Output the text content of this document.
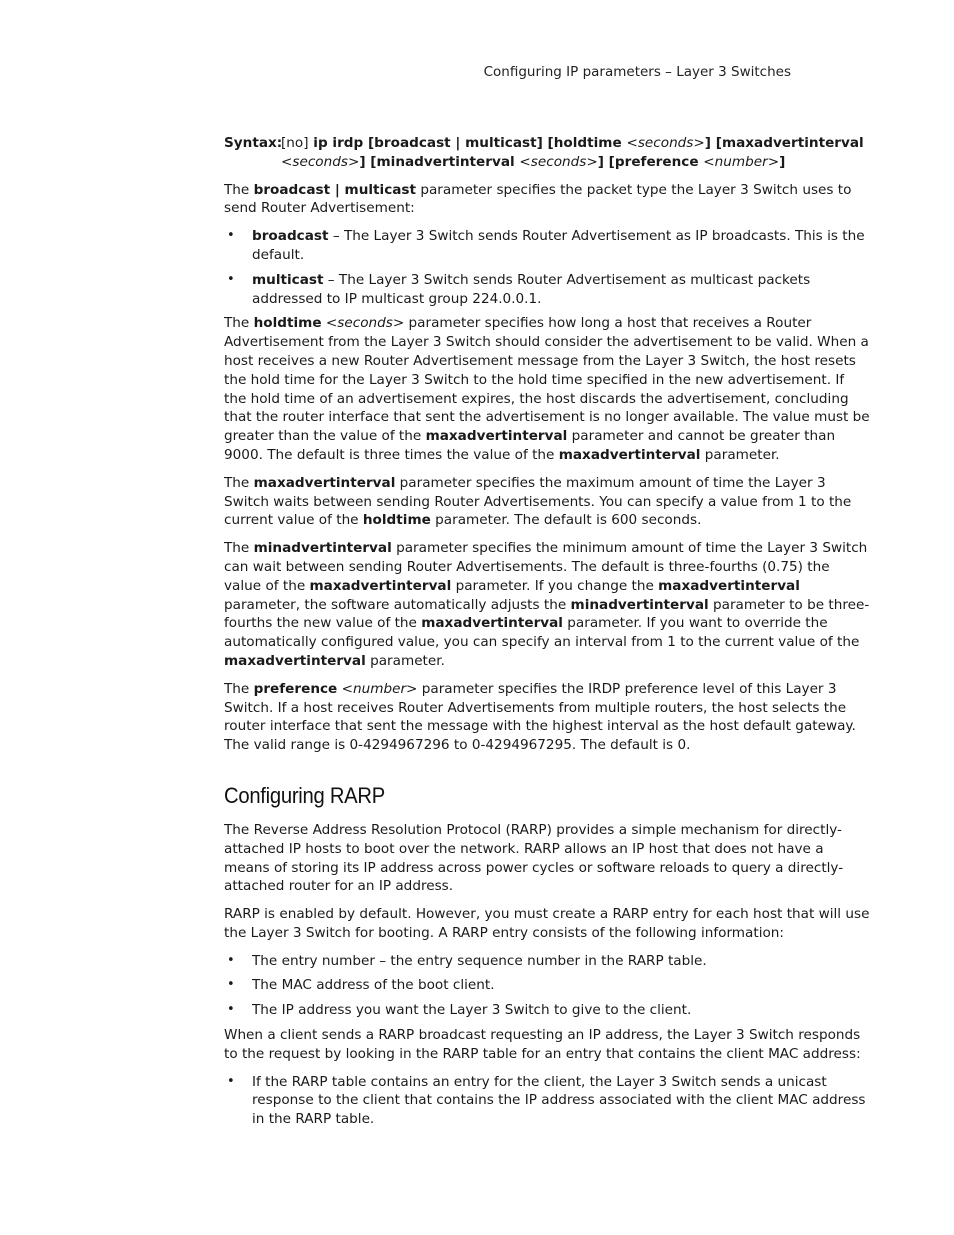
Configuring IP parameters – Layer 3 Switches
Syntax:
[no] ip irdp [broadcast | multicast] [holdtime <seconds>] [maxadvertinterval <seconds>] [minadvertinterval <seconds>] [preference <number>]

The broadcast | multicast parameter specifies the packet type the Layer 3 Switch uses to send Router Advertisement:

• broadcast – The Layer 3 Switch sends Router Advertisement as IP broadcasts. This is the default.
• multicast – The Layer 3 Switch sends Router Advertisement as multicast packets addressed to IP multicast group 224.0.0.1.

The holdtime <seconds> parameter specifies how long a host that receives a Router Advertisement from the Layer 3 Switch should consider the advertisement to be valid. When a host receives a new Router Advertisement message from the Layer 3 Switch, the host resets the hold time for the Layer 3 Switch to the hold time specified in the new advertisement. If the hold time of an advertisement expires, the host discards the advertisement, concluding that the router interface that sent the advertisement is no longer available. The value must be greater than the value of the maxadvertinterval parameter and cannot be greater than 9000. The default is three times the value of the maxadvertinterval parameter.

The maxadvertinterval parameter specifies the maximum amount of time the Layer 3 Switch waits between sending Router Advertisements. You can specify a value from 1 to the current value of the holdtime parameter. The default is 600 seconds.

The minadvertinterval parameter specifies the minimum amount of time the Layer 3 Switch can wait between sending Router Advertisements. The default is three-fourths (0.75) the value of the maxadvertinterval parameter. If you change the maxadvertinterval parameter, the software automatically adjusts the minadvertinterval parameter to be three-fourths the new value of the maxadvertinterval parameter. If you want to override the automatically configured value, you can specify an interval from 1 to the current value of the maxadvertinterval parameter.

The preference <number> parameter specifies the IRDP preference level of this Layer 3 Switch. If a host receives Router Advertisements from multiple routers, the host selects the router interface that sent the message with the highest interval as the host default gateway. The valid range is 0-4294967296 to 0-4294967295. The default is 0.

Configuring RARP

The Reverse Address Resolution Protocol (RARP) provides a simple mechanism for directly-attached IP hosts to boot over the network. RARP allows an IP host that does not have a means of storing its IP address across power cycles or software reloads to query a directly-attached router for an IP address.

RARP is enabled by default. However, you must create a RARP entry for each host that will use the Layer 3 Switch for booting. A RARP entry consists of the following information:

• The entry number – the entry sequence number in the RARP table.
• The MAC address of the boot client.
• The IP address you want the Layer 3 Switch to give to the client.

When a client sends a RARP broadcast requesting an IP address, the Layer 3 Switch responds to the request by looking in the RARP table for an entry that contains the client MAC address:

• If the RARP table contains an entry for the client, the Layer 3 Switch sends a unicast response to the client that contains the IP address associated with the client MAC address in the RARP table.
